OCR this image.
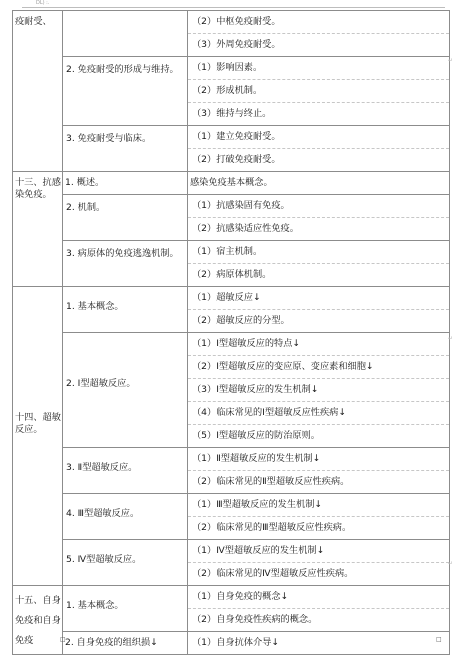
DL) :.
疫耐受、		（2）中枢免疫耐受。
（3）外周免疫耐受。

	2. 免疫耐受的形成与维持。	（1）影响因素。
（2）形成机制。
（3）维持与终止。

	3. 免疫耐受与临床。	（1）建立免疫耐受。
（2）打破免疫耐受。

十三、抗感染免疫。	1. 概述。	感染免疫基本概念。

	2. 机制。	（1）抗感染固有免疫。
（2）抗感染适应性免疫。

	3. 病原体的免疫逃逸机制。	（1）宿主机制。
（2）病原体机制。

十四、超敏反应。	1. 基本概念。	（1）超敏反应↓
（2）超敏反应的分型。

	2. Ⅰ型超敏反应。	（1）Ⅰ型超敏反应的特点↓
（2）Ⅰ型超敏反应的变应原、变应素和细胞↓
（3）Ⅰ型超敏反应的发生机制↓
（4）临床常见的Ⅰ型超敏反应性疾病↓
（5）Ⅰ型超敏反应的防治原则。

	3. Ⅱ型超敏反应。	（1）Ⅱ型超敏反应的发生机制↓
（2）临床常见的Ⅱ型超敏反应性疾病。

	4. Ⅲ型超敏反应。	（1）Ⅲ型超敏反应的发生机制↓
（2）临床常见的Ⅲ型超敏反应性疾病。

	5. Ⅳ型超敏反应。	（1）Ⅳ型超敏反应的发生机制↓
（2）临床常见的Ⅳ型超敏反应性疾病。

十五、自身免疫和自身免疫	1. 基本概念。	（1）自身免疫的概念↓
（2）自身免疫性疾病的概念。

	2. 自身免疫的组织损↓	（1）自身抗体介导↓
↵
↵
↵
□	□
